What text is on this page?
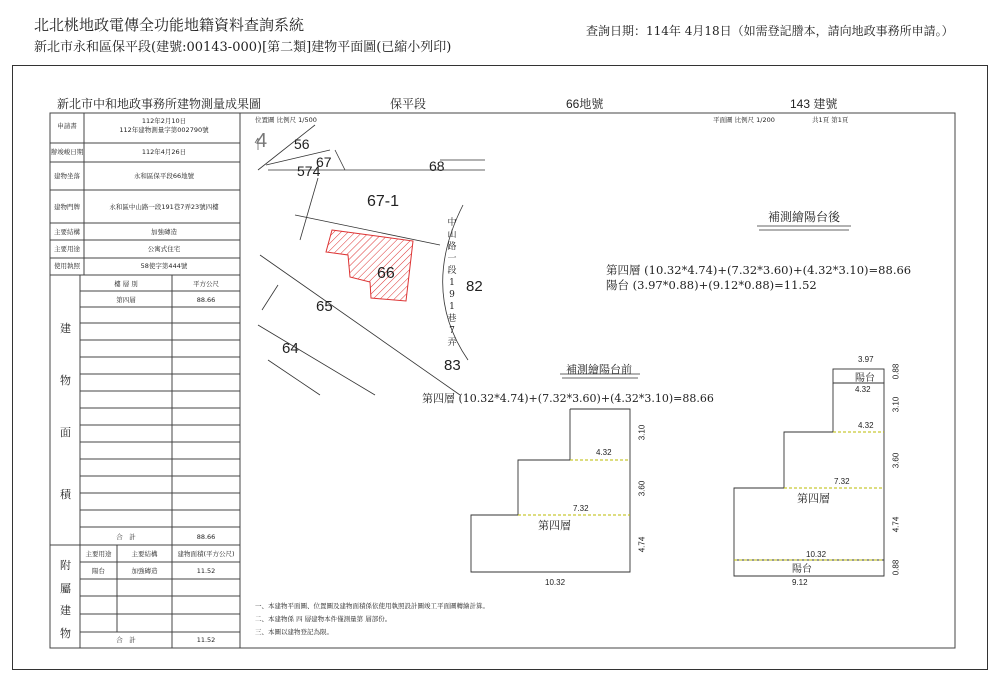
北北桃地政電傳全功能地籍資料查詢系統
新北市永和區保平段(建號:00143-000)[第二類]建物平面圖(已縮小列印)
查詢日期：114年 4月18日（如需登記謄本，請向地政事務所申請。）
新北市中和地政事務所建物測量成果圖	保平段	66地號	143 建號
申請書
112年2月10日
112年建物測量字第002790號
辦竣峻日期	112年4月26日
建物坐落	永和區保平段66地號
建物門牌	永和區中山路一段191巷7弄23號四樓
主要結構	加強磚造
主要用途	公寓式住宅
使用執照	58使字第444號
樓 層 別	平方公尺
第四層	88.66
合　計	88.66
建
物
面
積
主要用途	主要結構	建物面積(平方公尺)
陽台	加強磚造	11.52
合　計	11.52
附
屬
建
物
位置圖 比例尺 1/500	平面圖 比例尺 1/200	共1頁 第1頁
4 56
67
574	68
67-1
66
82
65
64
83
中
山
路
一
段
1
9
1
巷
7
弄
補測繪陽台後
第四層 (10.32*4.74)+(7.32*3.60)+(4.32*3.10)=88.66
陽台 (3.97*0.88)+(9.12*0.88)=11.52
補測繪陽台前
第四層 (10.32*4.74)+(7.32*3.60)+(4.32*3.10)=88.66
4.32
7.32
10.32
3.10
3.60
4.74
第四層
3.97
0.88
陽台
4.32
3.10
4.32
3.60
7.32
第四層
4.74
10.32
陽台	0.88
9.12
一、本建物平面圖、位置圖及建物面積係依使用執照設計圖竣工平面圖轉繪計算。
二、本建物係 四 層建物本件僅測量第 層部份。
三、本圖以建物登記為限。
